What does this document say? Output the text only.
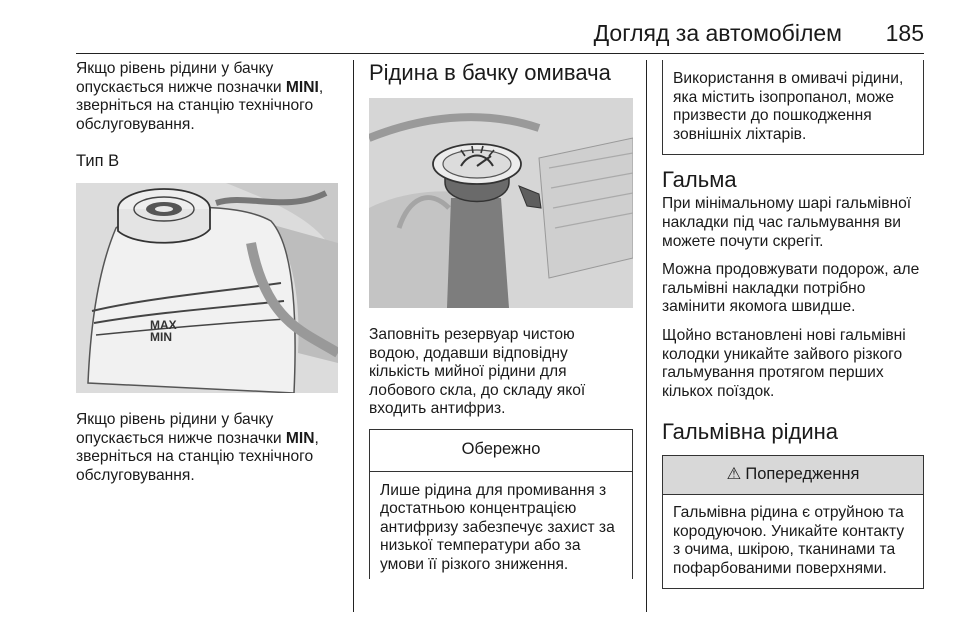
Догляд за автомобілем 185

Якщо рівень рідини у бачку
опускається нижче позначки MINI,
зверніться на станцію технічного
обслуговування.

Тип B

MAX
MIN

Якщо рівень рідини у бачку
опускається нижче позначки MIN,
зверніться на станцію технічного
обслуговування.

Рідина в бачку омивача

Заповніть резервуар чистою
водою, додавши відповідну
кількість мийної рідини для
лобового скла, до складу якої
входить антифриз.

Обережно
Лише рідина для промивання з
достатньою концентрацією
антифризу забезпечує захист за
низької температури або за
умови її різкого зниження.
Використання в омивачі рідини,
яка містить ізопропанол, може
призвести до пошкодження
зовнішніх ліхтарів.

Гальма

При мінімальному шарі гальмівної
накладки під час гальмування ви
можете почути скрегіт.

Можна продовжувати подорож, але
гальмівні накладки потрібно
замінити якомога швидше.

Щойно встановлені нові гальмівні
колодки уникайте зайвого різкого
гальмування протягом перших
кількох поїздок.

Гальмівна рідина

⚠ Попередження
Гальмівна рідина є отруйною та
кородуючою. Уникайте контакту
з очима, шкірою, тканинами та
пофарбованими поверхнями.
